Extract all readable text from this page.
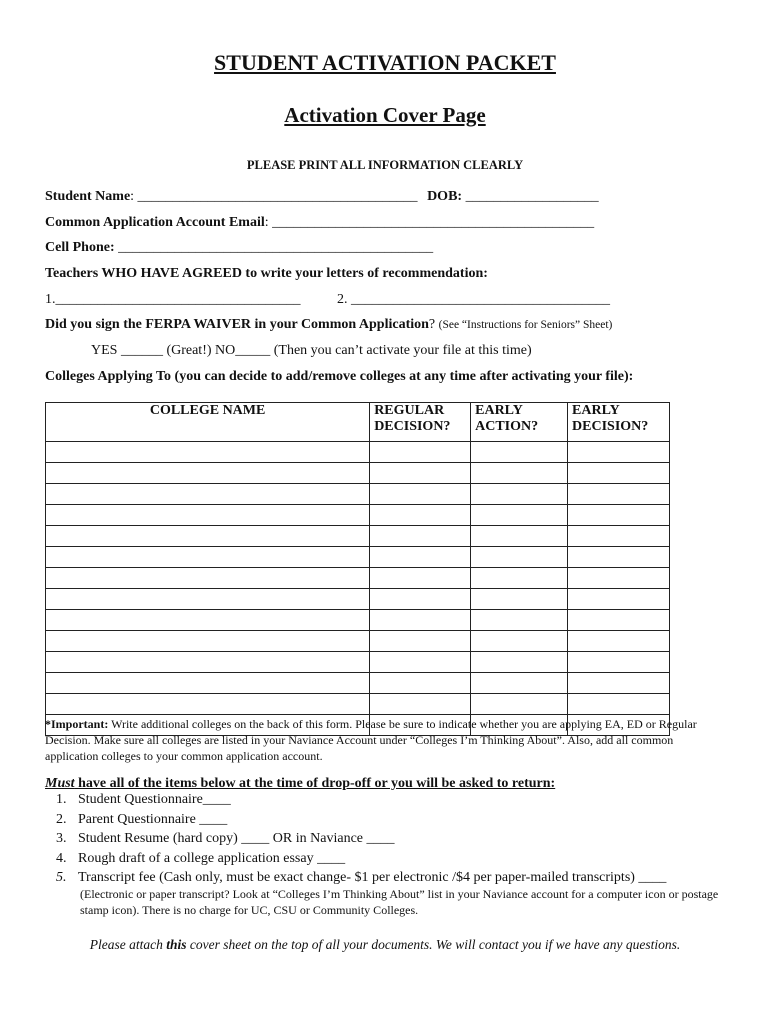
STUDENT ACTIVATION PACKET
Activation Cover Page
PLEASE PRINT ALL INFORMATION CLEARLY
Student Name: ________________________________________ DOB: ___________________
Common Application Account Email: ______________________________________________
Cell Phone: _____________________________________________
Teachers WHO HAVE AGREED to write your letters of recommendation:
1.___________________________________	2. _____________________________________
Did you sign the FERPA WAIVER in your Common Application? (See “Instructions for Seniors” Sheet)
YES ______ (Great!) NO_____ (Then you can’t activate your file at this time)
Colleges Applying To (you can decide to add/remove colleges at any time after activating your file):
COLLEGE NAME	REGULAR DECISION?	EARLY ACTION?	EARLY DECISION?

*Important: Write additional colleges on the back of this form. Please be sure to indicate whether you are applying EA, ED or Regular Decision. Make sure all colleges are listed in your Naviance Account under “Colleges I’m Thinking About”. Also, add all common application colleges to your common application account.
Must have all of the items below at the time of drop-off or you will be asked to return:
1. Student Questionnaire____
2. Parent Questionnaire ____
3. Student Resume (hard copy) ____ OR in Naviance ____
4. Rough draft of a college application essay ____
5. Transcript fee (Cash only, must be exact change- $1 per electronic /$4 per paper-mailed transcripts) ____
(Electronic or paper transcript? Look at “Colleges I’m Thinking About” list in your Naviance account for a computer icon or postage stamp icon). There is no charge for UC, CSU or Community Colleges.
Please attach this cover sheet on the top of all your documents. We will contact you if we have any questions.
